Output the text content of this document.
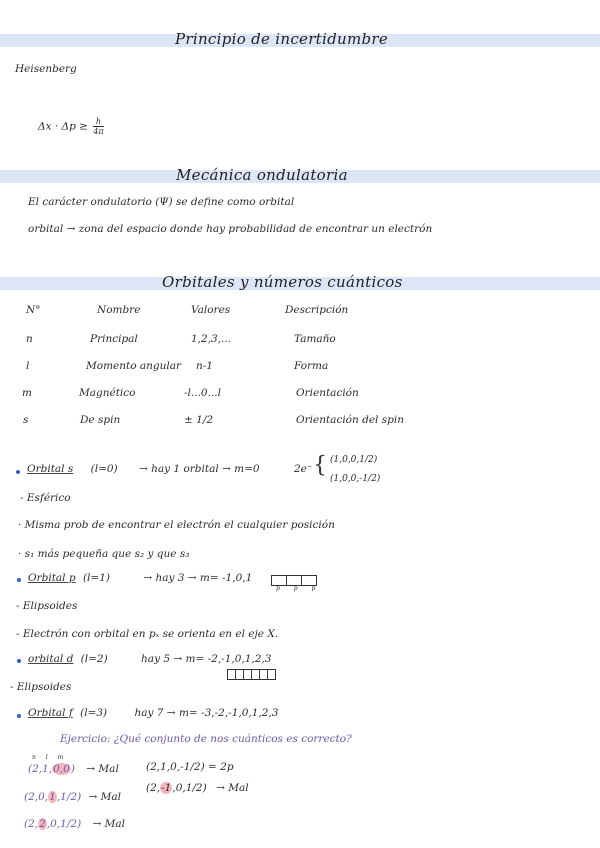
Principio de incertidumbre
Heisenberg
$\Delta x \cdot \Delta p \ge \frac{h}{4\pi}$
Mecánica ondulatoria
El carácter ondulatorio (Ψ) se define como orbital
orbital → zona del espacio donde hay probabilidad de encontrar un electrón
Orbitales y números cuánticos
N°	Nombre	Valores	Descripción
n	Principal	1,2,3,...	Tamaño
l	Momento angular n-1	Forma
m	Magnético	-l...0...l	Orientación
s	De spin	± 1/2	Orientación del spin
Orbital s (l=0) → hay 1 orbital → m=0	2e⁻ { (1,0,0,1/2)
(1,0,0,-1/2)
- Esférico
· Misma prob de encontrar el electrón el cualquier posición
· s₁ más pequeña que s₂ y que s₃
Orbital p (l=1)	→ hay 3 → m= -1,0,1
p p p
- Elipsoides
- Electrón con orbital en pₓ se orienta en el eje X.
orbital d (l=2)	hay 5 → m= -2,-1,0,1,2,3
- Elipsoides
Orbital f (l=3)	hay 7 → m= -3,-2,-1,0,1,2,3
Ejercicio: ¿Qué conjunto de nos cuánticos es correcto?
n l m
(2,1,0,0) → Mal	(2,1,0,-1/2) = 2p
(2,-1,0,1/2) → Mal
(2,0,1,1/2) → Mal
(2,2,0,1/2) → Mal
